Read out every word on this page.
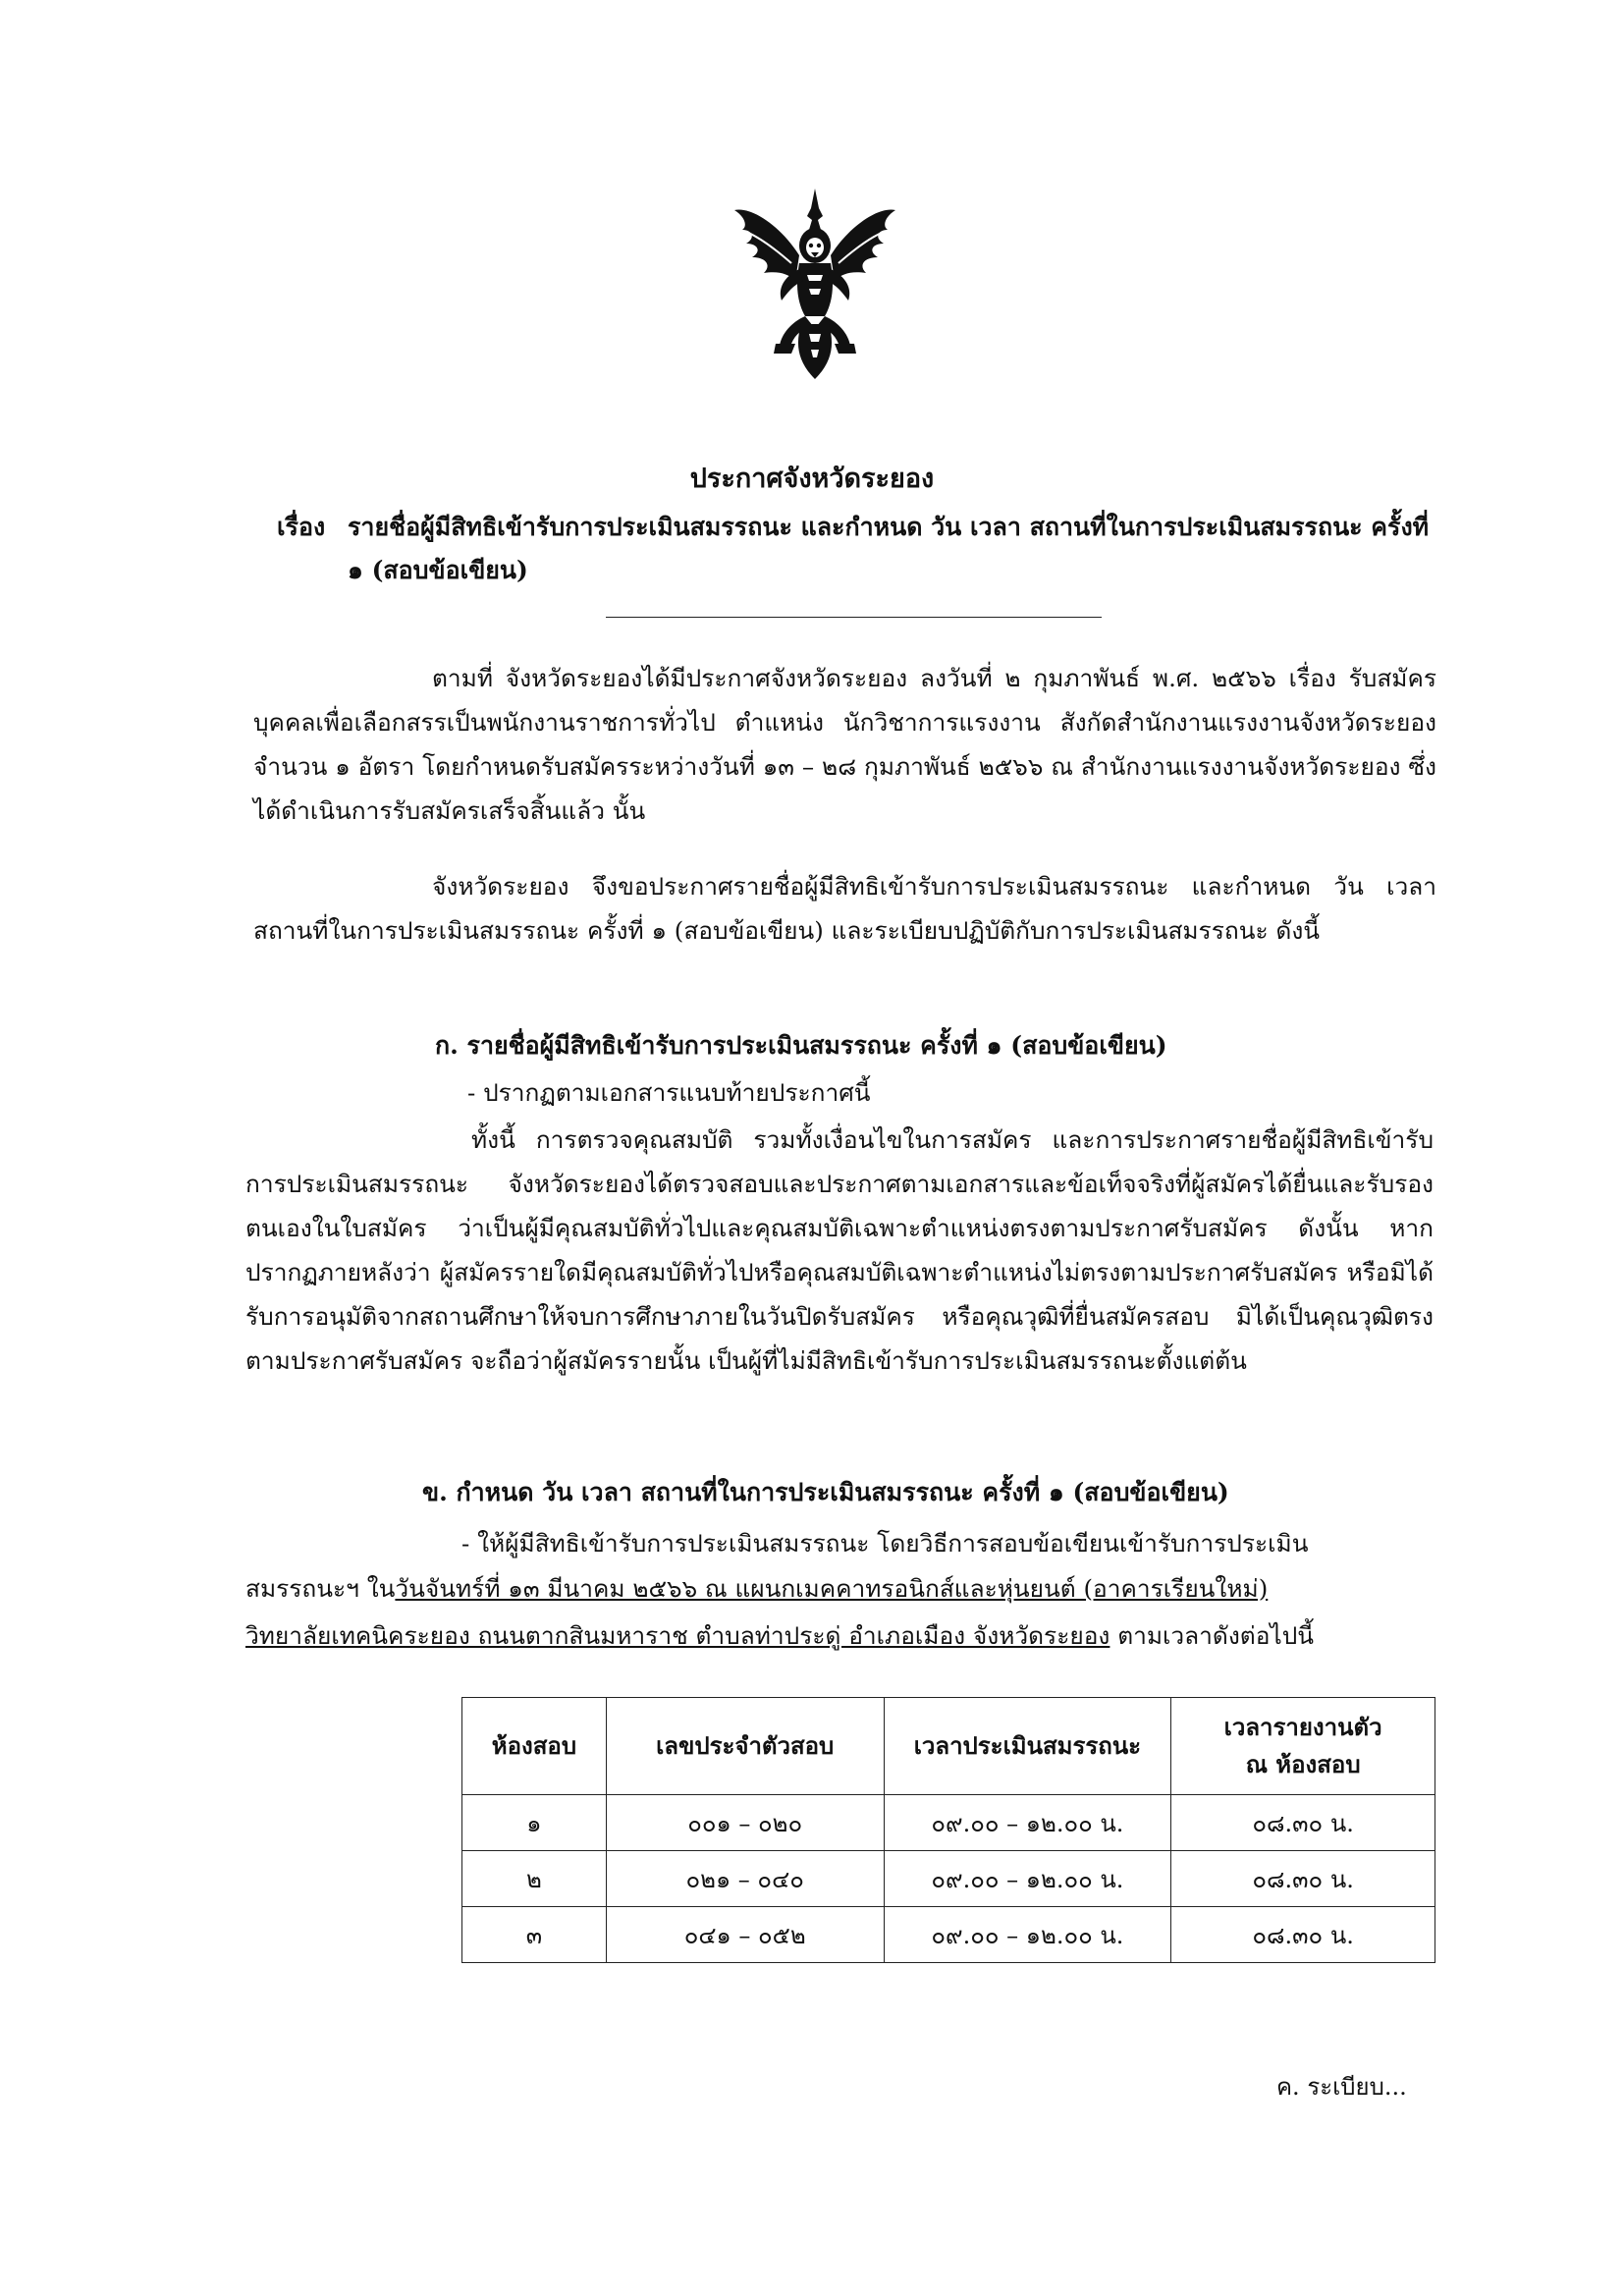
ประกาศจังหวัดระยอง
เรื่อง รายชื่อผู้มีสิทธิเข้ารับการประเมินสมรรถนะ และกำหนด วัน เวลา สถานที่ในการประเมินสมรรถนะ ครั้งที่ ๑ (สอบข้อเขียน)
ตามที่ จังหวัดระยองได้มีประกาศจังหวัดระยอง ลงวันที่ ๒ กุมภาพันธ์ พ.ศ. ๒๕๖๖ เรื่อง รับสมัครบุคคลเพื่อเลือกสรรเป็นพนักงานราชการทั่วไป ตำแหน่ง นักวิชาการแรงงาน สังกัดสำนักงานแรงงานจังหวัดระยอง จำนวน ๑ อัตรา โดยกำหนดรับสมัครระหว่างวันที่ ๑๓ – ๒๘ กุมภาพันธ์ ๒๕๖๖ ณ สำนักงานแรงงานจังหวัดระยอง ซึ่งได้ดำเนินการรับสมัครเสร็จสิ้นแล้ว นั้น
จังหวัดระยอง จึงขอประกาศรายชื่อผู้มีสิทธิเข้ารับการประเมินสมรรถนะ และกำหนด วัน เวลา สถานที่ในการประเมินสมรรถนะ ครั้งที่ ๑ (สอบข้อเขียน) และระเบียบปฏิบัติกับการประเมินสมรรถนะ ดังนี้
ก. รายชื่อผู้มีสิทธิเข้ารับการประเมินสมรรถนะ ครั้งที่ ๑ (สอบข้อเขียน)
- ปรากฏตามเอกสารแนบท้ายประกาศนี้
ทั้งนี้ การตรวจคุณสมบัติ รวมทั้งเงื่อนไขในการสมัคร และการประกาศรายชื่อผู้มีสิทธิเข้ารับการประเมินสมรรถนะ จังหวัดระยองได้ตรวจสอบและประกาศตามเอกสารและข้อเท็จจริงที่ผู้สมัครได้ยื่นและรับรองตนเองในใบสมัคร ว่าเป็นผู้มีคุณสมบัติทั่วไปและคุณสมบัติเฉพาะตำแหน่งตรงตามประกาศรับสมัคร ดังนั้น หากปรากฏภายหลังว่า ผู้สมัครรายใดมีคุณสมบัติทั่วไปหรือคุณสมบัติเฉพาะตำแหน่งไม่ตรงตามประกาศรับสมัคร หรือมิได้รับการอนุมัติจากสถานศึกษาให้จบการศึกษาภายในวันปิดรับสมัคร หรือคุณวุฒิที่ยื่นสมัครสอบ มิได้เป็นคุณวุฒิตรงตามประกาศรับสมัคร จะถือว่าผู้สมัครรายนั้น เป็นผู้ที่ไม่มีสิทธิเข้ารับการประเมินสมรรถนะตั้งแต่ต้น
ข. กำหนด วัน เวลา สถานที่ในการประเมินสมรรถนะ ครั้งที่ ๑ (สอบข้อเขียน)
- ให้ผู้มีสิทธิเข้ารับการประเมินสมรรถนะ โดยวิธีการสอบข้อเขียนเข้ารับการประเมิน
สมรรถนะฯ ในวันจันทร์ที่ ๑๓ มีนาคม ๒๕๖๖ ณ แผนกเมคคาทรอนิกส์และหุ่นยนต์ (อาคารเรียนใหม่)
วิทยาลัยเทคนิคระยอง ถนนตากสินมหาราช ตำบลท่าประดู่ อำเภอเมือง จังหวัดระยอง ตามเวลาดังต่อไปนี้
ห้องสอบ	เลขประจำตัวสอบ	เวลาประเมินสมรรถนะ	เวลารายงานตัว
ณ ห้องสอบ
๑	๐๐๑ – ๐๒๐	๐๙.๐๐ – ๑๒.๐๐ น.	๐๘.๓๐ น.
๒	๐๒๑ – ๐๔๐	๐๙.๐๐ – ๑๒.๐๐ น.	๐๘.๓๐ น.
๓	๐๔๑ – ๐๕๒	๐๙.๐๐ – ๑๒.๐๐ น.	๐๘.๓๐ น.
ค. ระเบียบ...
